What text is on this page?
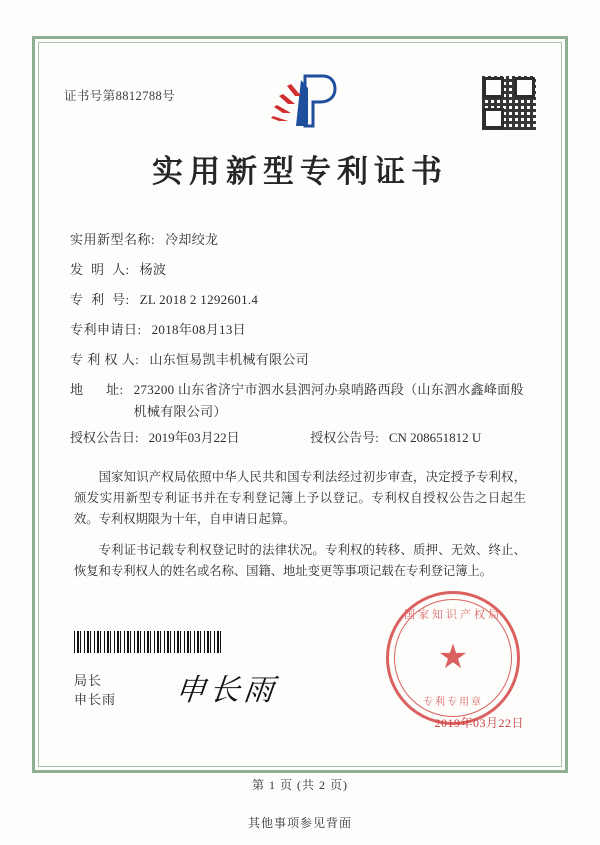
证书号第8812788号
实用新型专利证书
实用新型名称: 冷却绞龙
发  明  人: 杨波
专  利  号: ZL 2018 2 1292601.4
专利申请日: 2018年08月13日
专 利 权 人: 山东恒易凯丰机械有限公司
地      址: 273200 山东省济宁市泗水县泗河办泉哨路西段（山东泗水鑫峰面般机械有限公司）
授权公告日: 2019年03月22日	授权公告号: CN 208651812 U

国家知识产权局依照中华人民共和国专利法经过初步审查，决定授予专利权，颁发实用新型专利证书并在专利登记簿上予以登记。专利权自授权公告之日起生效。专利权期限为十年，自申请日起算。

专利证书记载专利权登记时的法律状况。专利权的转移、质押、无效、终止、恢复和专利权人的姓名或名称、国籍、地址变更等事项记载在专利登记簿上。

局长
申长雨 申长雨
国家知识产权局
★
专利专用章
2019年03月22日
第 1 页 (共 2 页)
其他事项参见背面
